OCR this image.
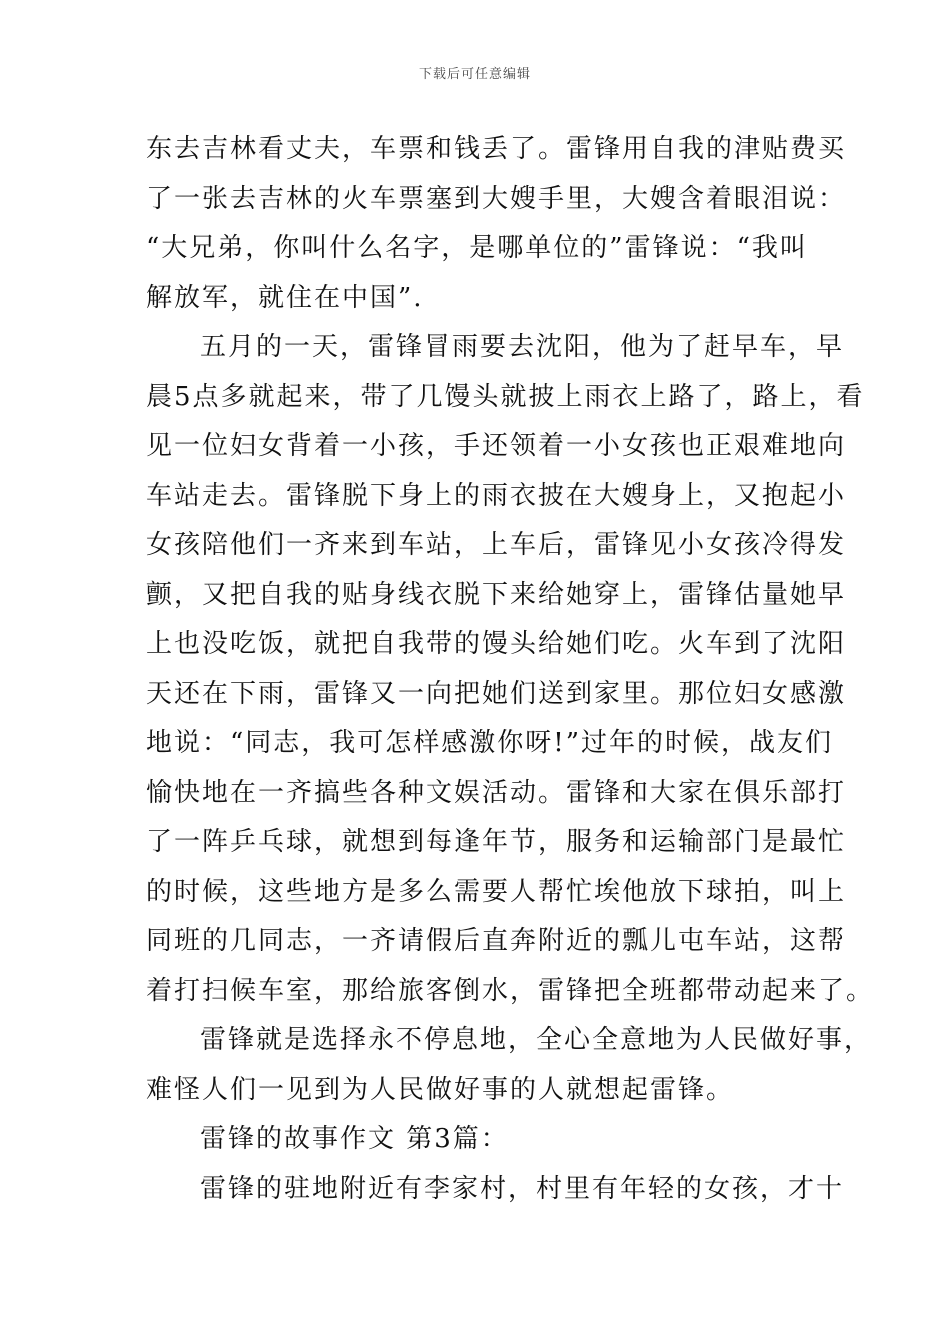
下载后可任意编辑
东去吉林看丈夫，车票和钱丢了。雷锋用自我的津贴费买
了一张去吉林的火车票塞到大嫂手里，大嫂含着眼泪说：
“大兄弟，你叫什么名字，是哪单位的”雷锋说：“我叫
解放军，就住在中国”.
五月的一天，雷锋冒雨要去沈阳，他为了赶早车，早
晨5点多就起来，带了几馒头就披上雨衣上路了，路上，看
见一位妇女背着一小孩，手还领着一小女孩也正艰难地向
车站走去。雷锋脱下身上的雨衣披在大嫂身上，又抱起小
女孩陪他们一齐来到车站，上车后，雷锋见小女孩冷得发
颤，又把自我的贴身线衣脱下来给她穿上，雷锋估量她早
上也没吃饭，就把自我带的馒头给她们吃。火车到了沈阳
天还在下雨，雷锋又一向把她们送到家里。那位妇女感激
地说：“同志，我可怎样感激你呀!”过年的时候，战友们
愉快地在一齐搞些各种文娱活动。雷锋和大家在俱乐部打
了一阵乒乓球，就想到每逢年节，服务和运输部门是最忙
的时候，这些地方是多么需要人帮忙埃他放下球拍，叫上
同班的几同志，一齐请假后直奔附近的瓢儿屯车站，这帮
着打扫候车室，那给旅客倒水，雷锋把全班都带动起来了。
雷锋就是选择永不停息地，全心全意地为人民做好事，
难怪人们一见到为人民做好事的人就想起雷锋。
雷锋的故事作文 第3篇：
雷锋的驻地附近有李家村，村里有年轻的女孩，才十
